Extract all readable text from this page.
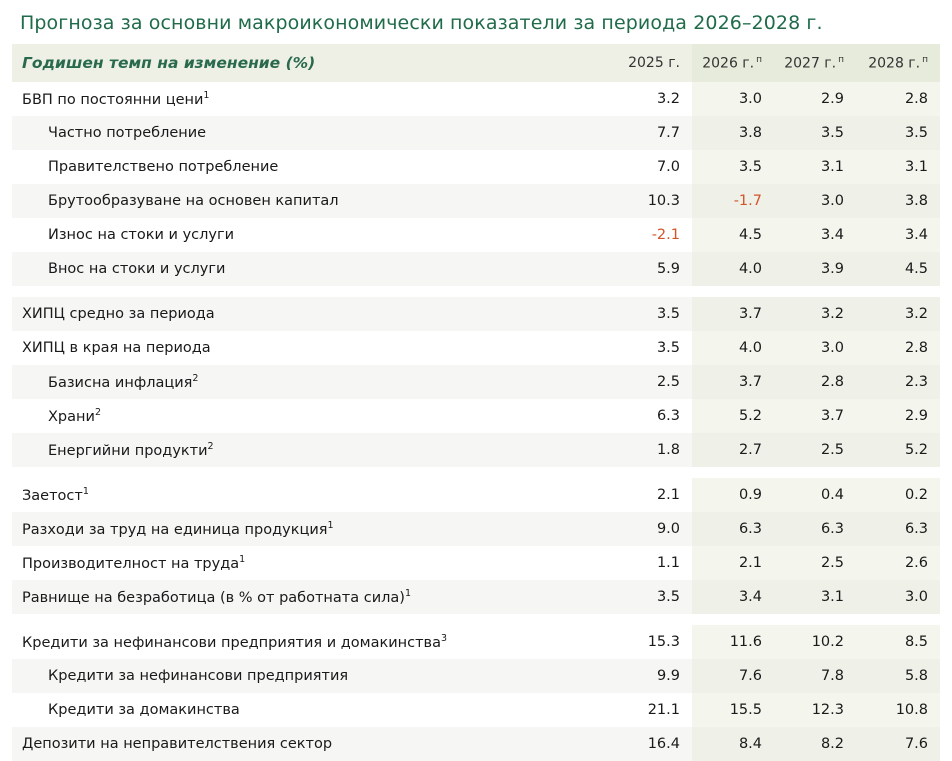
Прогноза за основни макроикономически показатели за периода 2026–2028 г.
Годишен темп на изменение (%)	2025 г.	2026 г. $^п$	2027 г. $^п$	2028 г. $^п$
БВП по постоянни цени$^1$	3.2	3.0	2.9	2.8
Частно потребление	7.7	3.8	3.5	3.5
Правителствено потребление	7.0	3.5	3.1	3.1
Брутообразуване на основен капитал	10.3	-1.7	3.0	3.8
Износ на стоки и услуги	-2.1	4.5	3.4	3.4
Внос на стоки и услуги	5.9	4.0	3.9	4.5

ХИПЦ средно за периода	3.5	3.7	3.2	3.2
ХИПЦ в края на периода	3.5	4.0	3.0	2.8
Базисна инфлация$^2$	2.5	3.7	2.8	2.3
Храни$^2$	6.3	5.2	3.7	2.9
Енергийни продукти$^2$	1.8	2.7	2.5	5.2

Заетост$^1$	2.1	0.9	0.4	0.2
Разходи за труд на единица продукция$^1$	9.0	6.3	6.3	6.3
Производителност на труда$^1$	1.1	2.1	2.5	2.6
Равнище на безработица (в % от работната сила)$^1$	3.5	3.4	3.1	3.0

Кредити за нефинансови предприятия и домакинства$^3$	15.3	11.6	10.2	8.5
Кредити за нефинансови предприятия	9.9	7.6	7.8	5.8
Кредити за домакинства	21.1	15.5	12.3	10.8
Депозити на неправителствения сектор	16.4	8.4	8.2	7.6
